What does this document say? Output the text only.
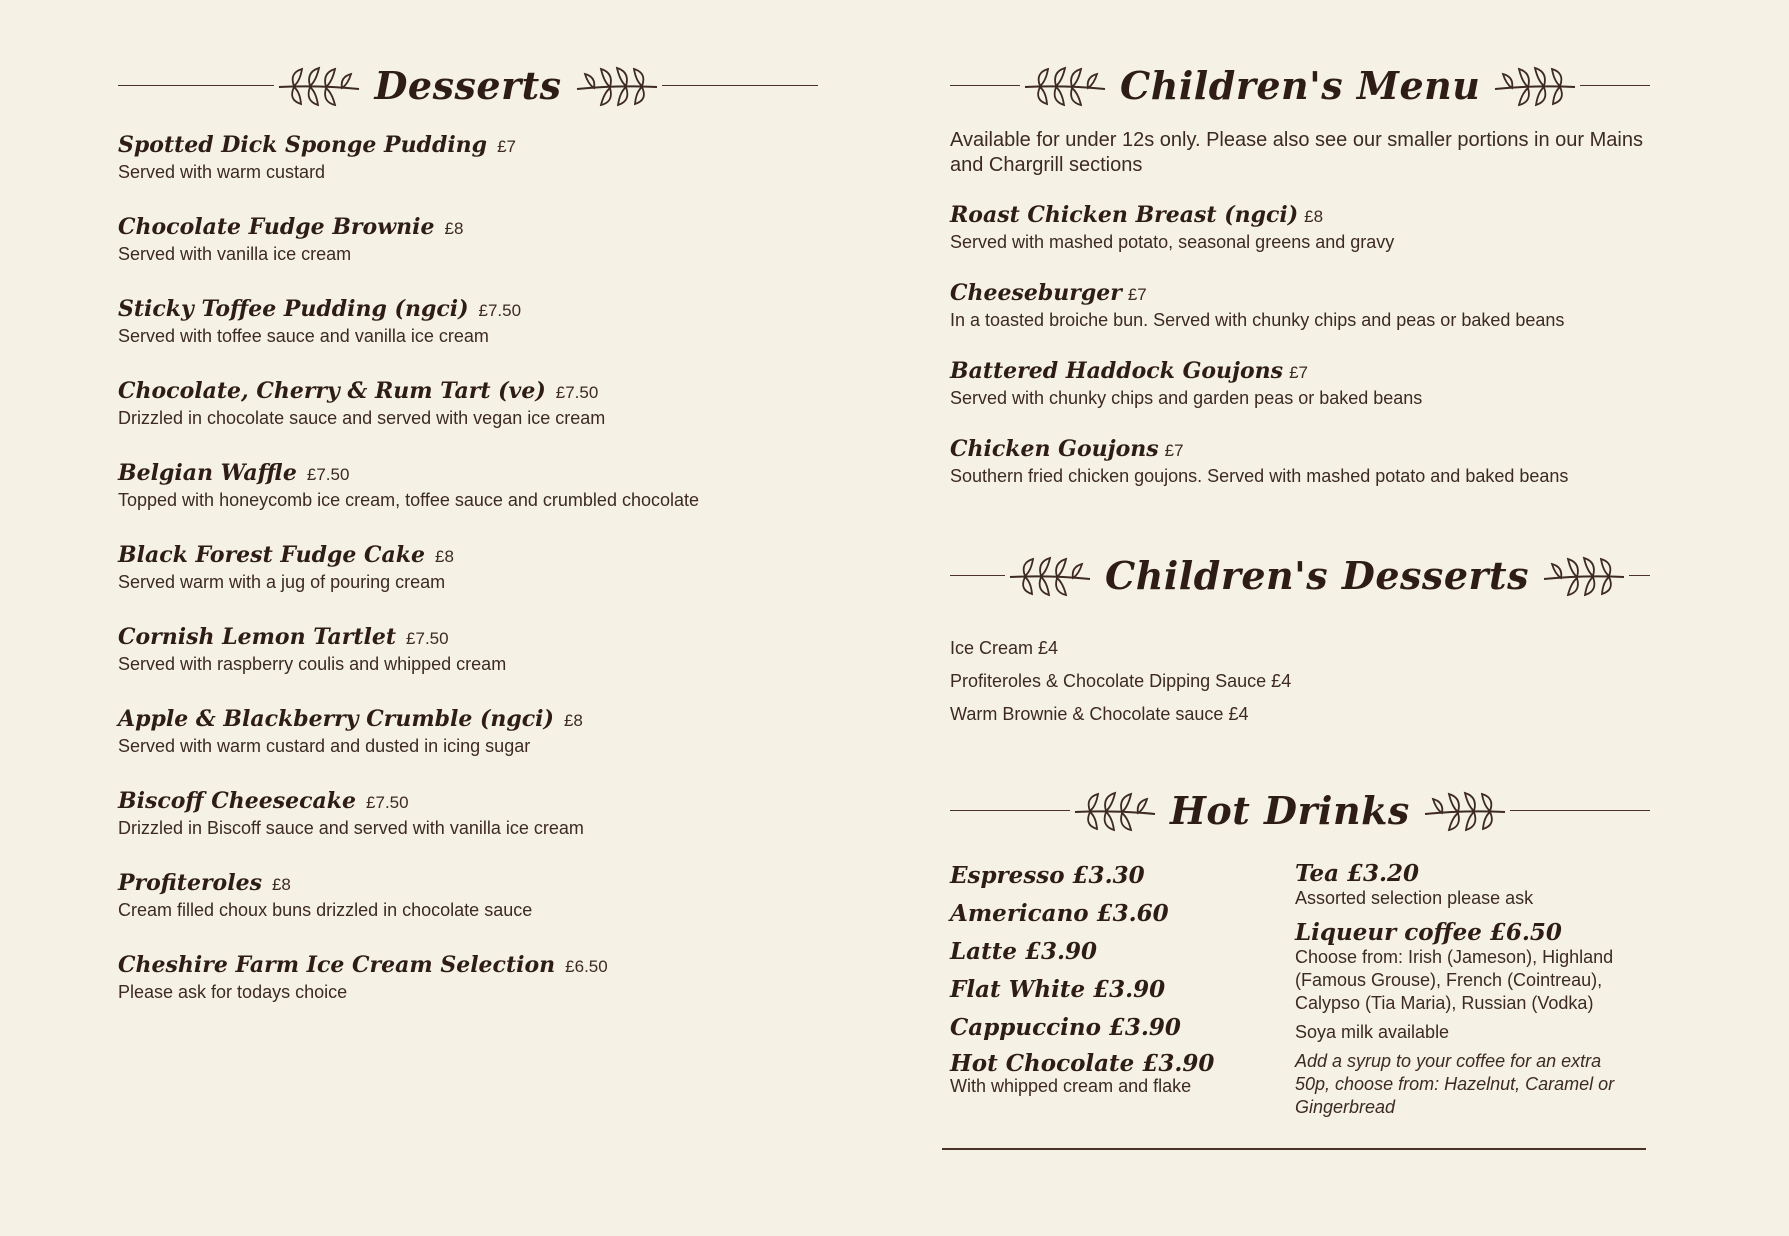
Desserts
Spotted Dick Sponge Pudding £7
Served with warm custard
Chocolate Fudge Brownie £8
Served with vanilla ice cream
Sticky Toffee Pudding (ngci) £7.50
Served with toffee sauce and vanilla ice cream
Chocolate, Cherry & Rum Tart (ve) £7.50
Drizzled in chocolate sauce and served with vegan ice cream
Belgian Waffle £7.50
Topped with honeycomb ice cream, toffee sauce and crumbled chocolate
Black Forest Fudge Cake £8
Served warm with a jug of pouring cream
Cornish Lemon Tartlet £7.50
Served with raspberry coulis and whipped cream
Apple & Blackberry Crumble (ngci) £8
Served with warm custard and dusted in icing sugar
Biscoff Cheesecake £7.50
Drizzled in Biscoff sauce and served with vanilla ice cream
Profiteroles £8
Cream filled choux buns drizzled in chocolate sauce
Cheshire Farm Ice Cream Selection £6.50
Please ask for todays choice
Children's Menu
Available for under 12s only. Please also see our smaller portions in our Mains and Chargrill sections
Roast Chicken Breast (ngci) £8
Served with mashed potato, seasonal greens and gravy
Cheeseburger £7
In a toasted broiche bun. Served with chunky chips and peas or baked beans
Battered Haddock Goujons £7
Served with chunky chips and garden peas or baked beans
Chicken Goujons £7
Southern fried chicken goujons. Served with mashed potato and baked beans
Children's Desserts
Ice Cream £4
Profiteroles & Chocolate Dipping Sauce £4
Warm Brownie & Chocolate sauce £4
Hot Drinks
Espresso £3.30
Americano £3.60
Latte £3.90
Flat White £3.90
Cappuccino £3.90
Hot Chocolate £3.90
With whipped cream and flake
Tea £3.20
Assorted selection please ask
Liqueur coffee £6.50
Choose from: Irish (Jameson), Highland (Famous Grouse), French (Cointreau), Calypso (Tia Maria), Russian (Vodka)
Soya milk available
Add a syrup to your coffee for an extra 50p, choose from: Hazelnut, Caramel or Gingerbread
